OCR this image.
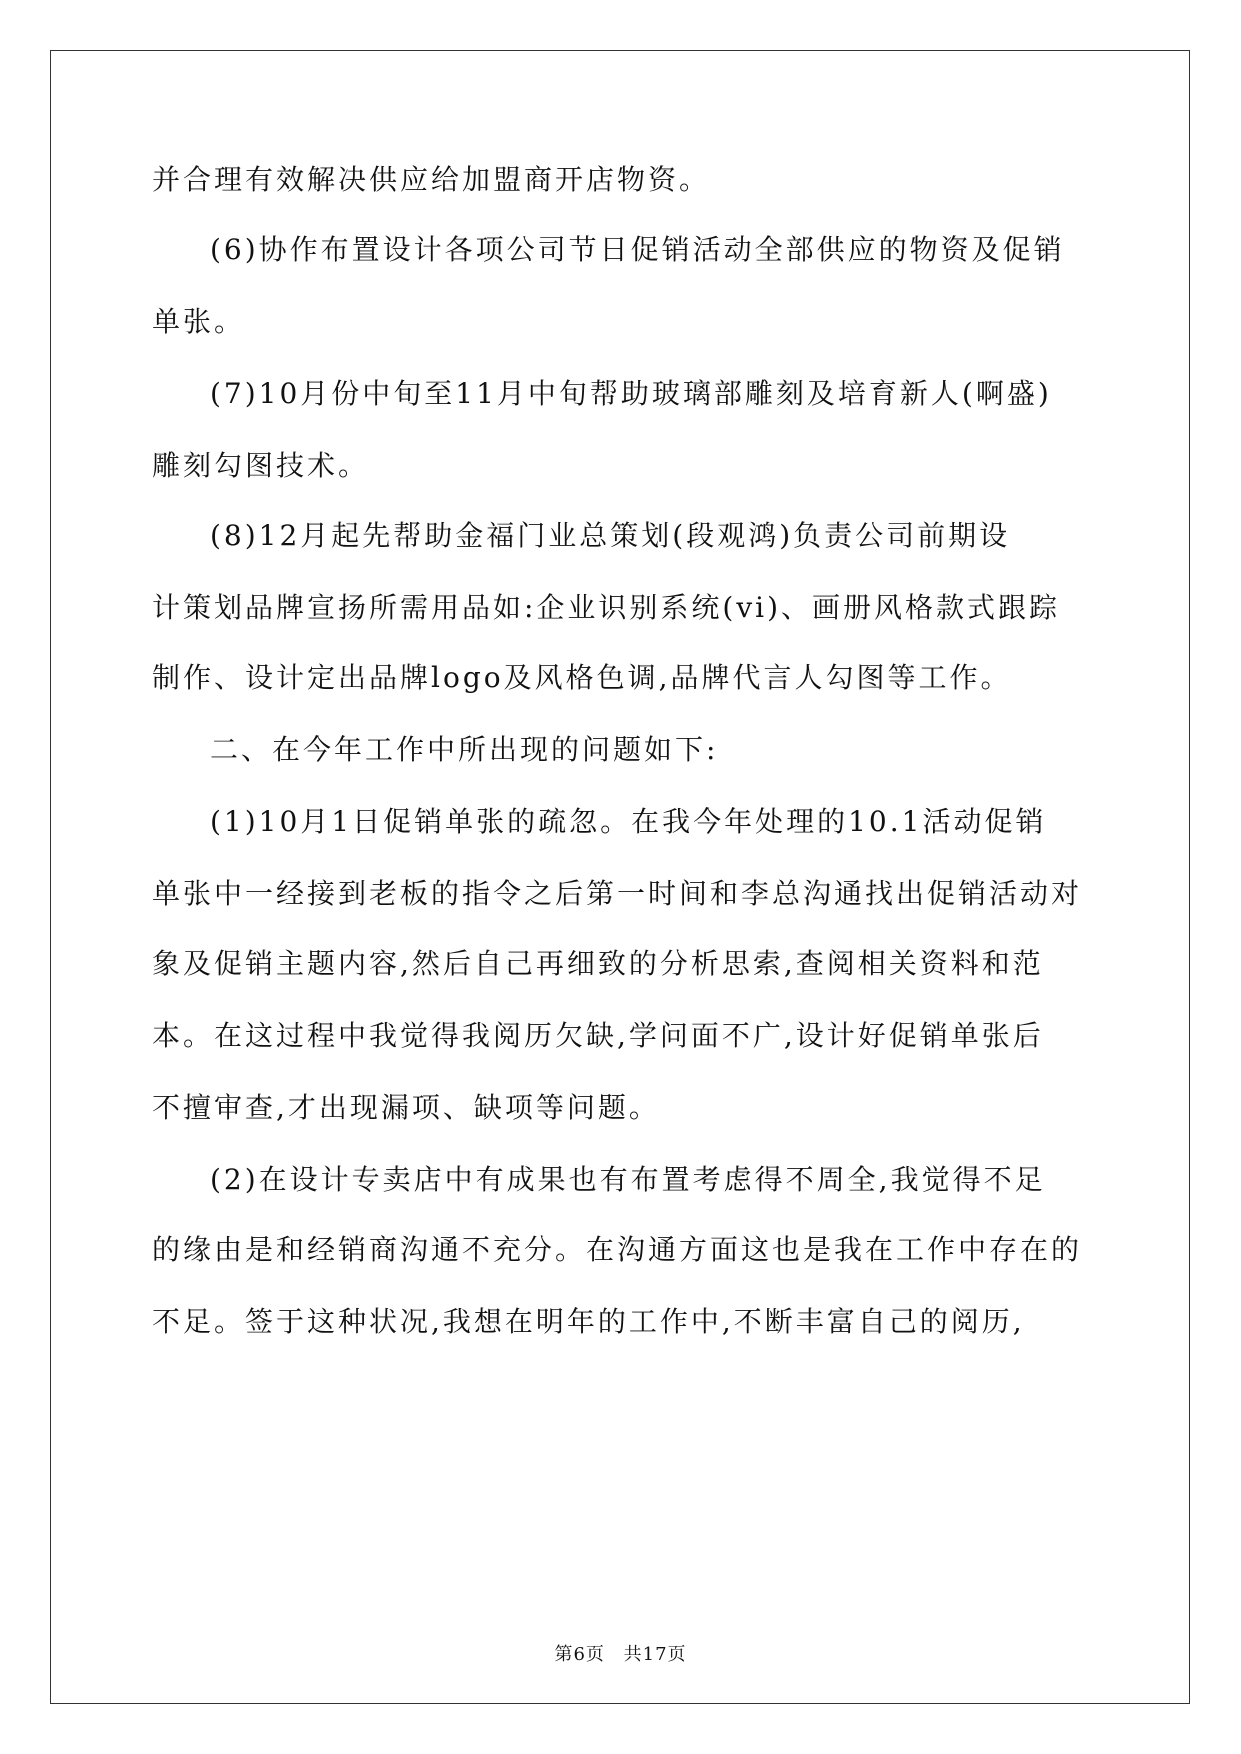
并合理有效解决供应给加盟商开店物资。
(6)协作布置设计各项公司节日促销活动全部供应的物资及促销
单张。
(7)10月份中旬至11月中旬帮助玻璃部雕刻及培育新人(啊盛)
雕刻勾图技术。
(8)12月起先帮助金福门业总策划(段观鸿)负责公司前期设
计策划品牌宣扬所需用品如:企业识别系统(vi)、画册风格款式跟踪
制作、设计定出品牌logo及风格色调,品牌代言人勾图等工作。
二、在今年工作中所出现的问题如下:
(1)10月1日促销单张的疏忽。在我今年处理的10.1活动促销
单张中一经接到老板的指令之后第一时间和李总沟通找出促销活动对
象及促销主题内容,然后自己再细致的分析思索,查阅相关资料和范
本。在这过程中我觉得我阅历欠缺,学问面不广,设计好促销单张后
不擅审查,才出现漏项、缺项等问题。
(2)在设计专卖店中有成果也有布置考虑得不周全,我觉得不足
的缘由是和经销商沟通不充分。在沟通方面这也是我在工作中存在的
不足。签于这种状况,我想在明年的工作中,不断丰富自己的阅历,
第6页 共17页
